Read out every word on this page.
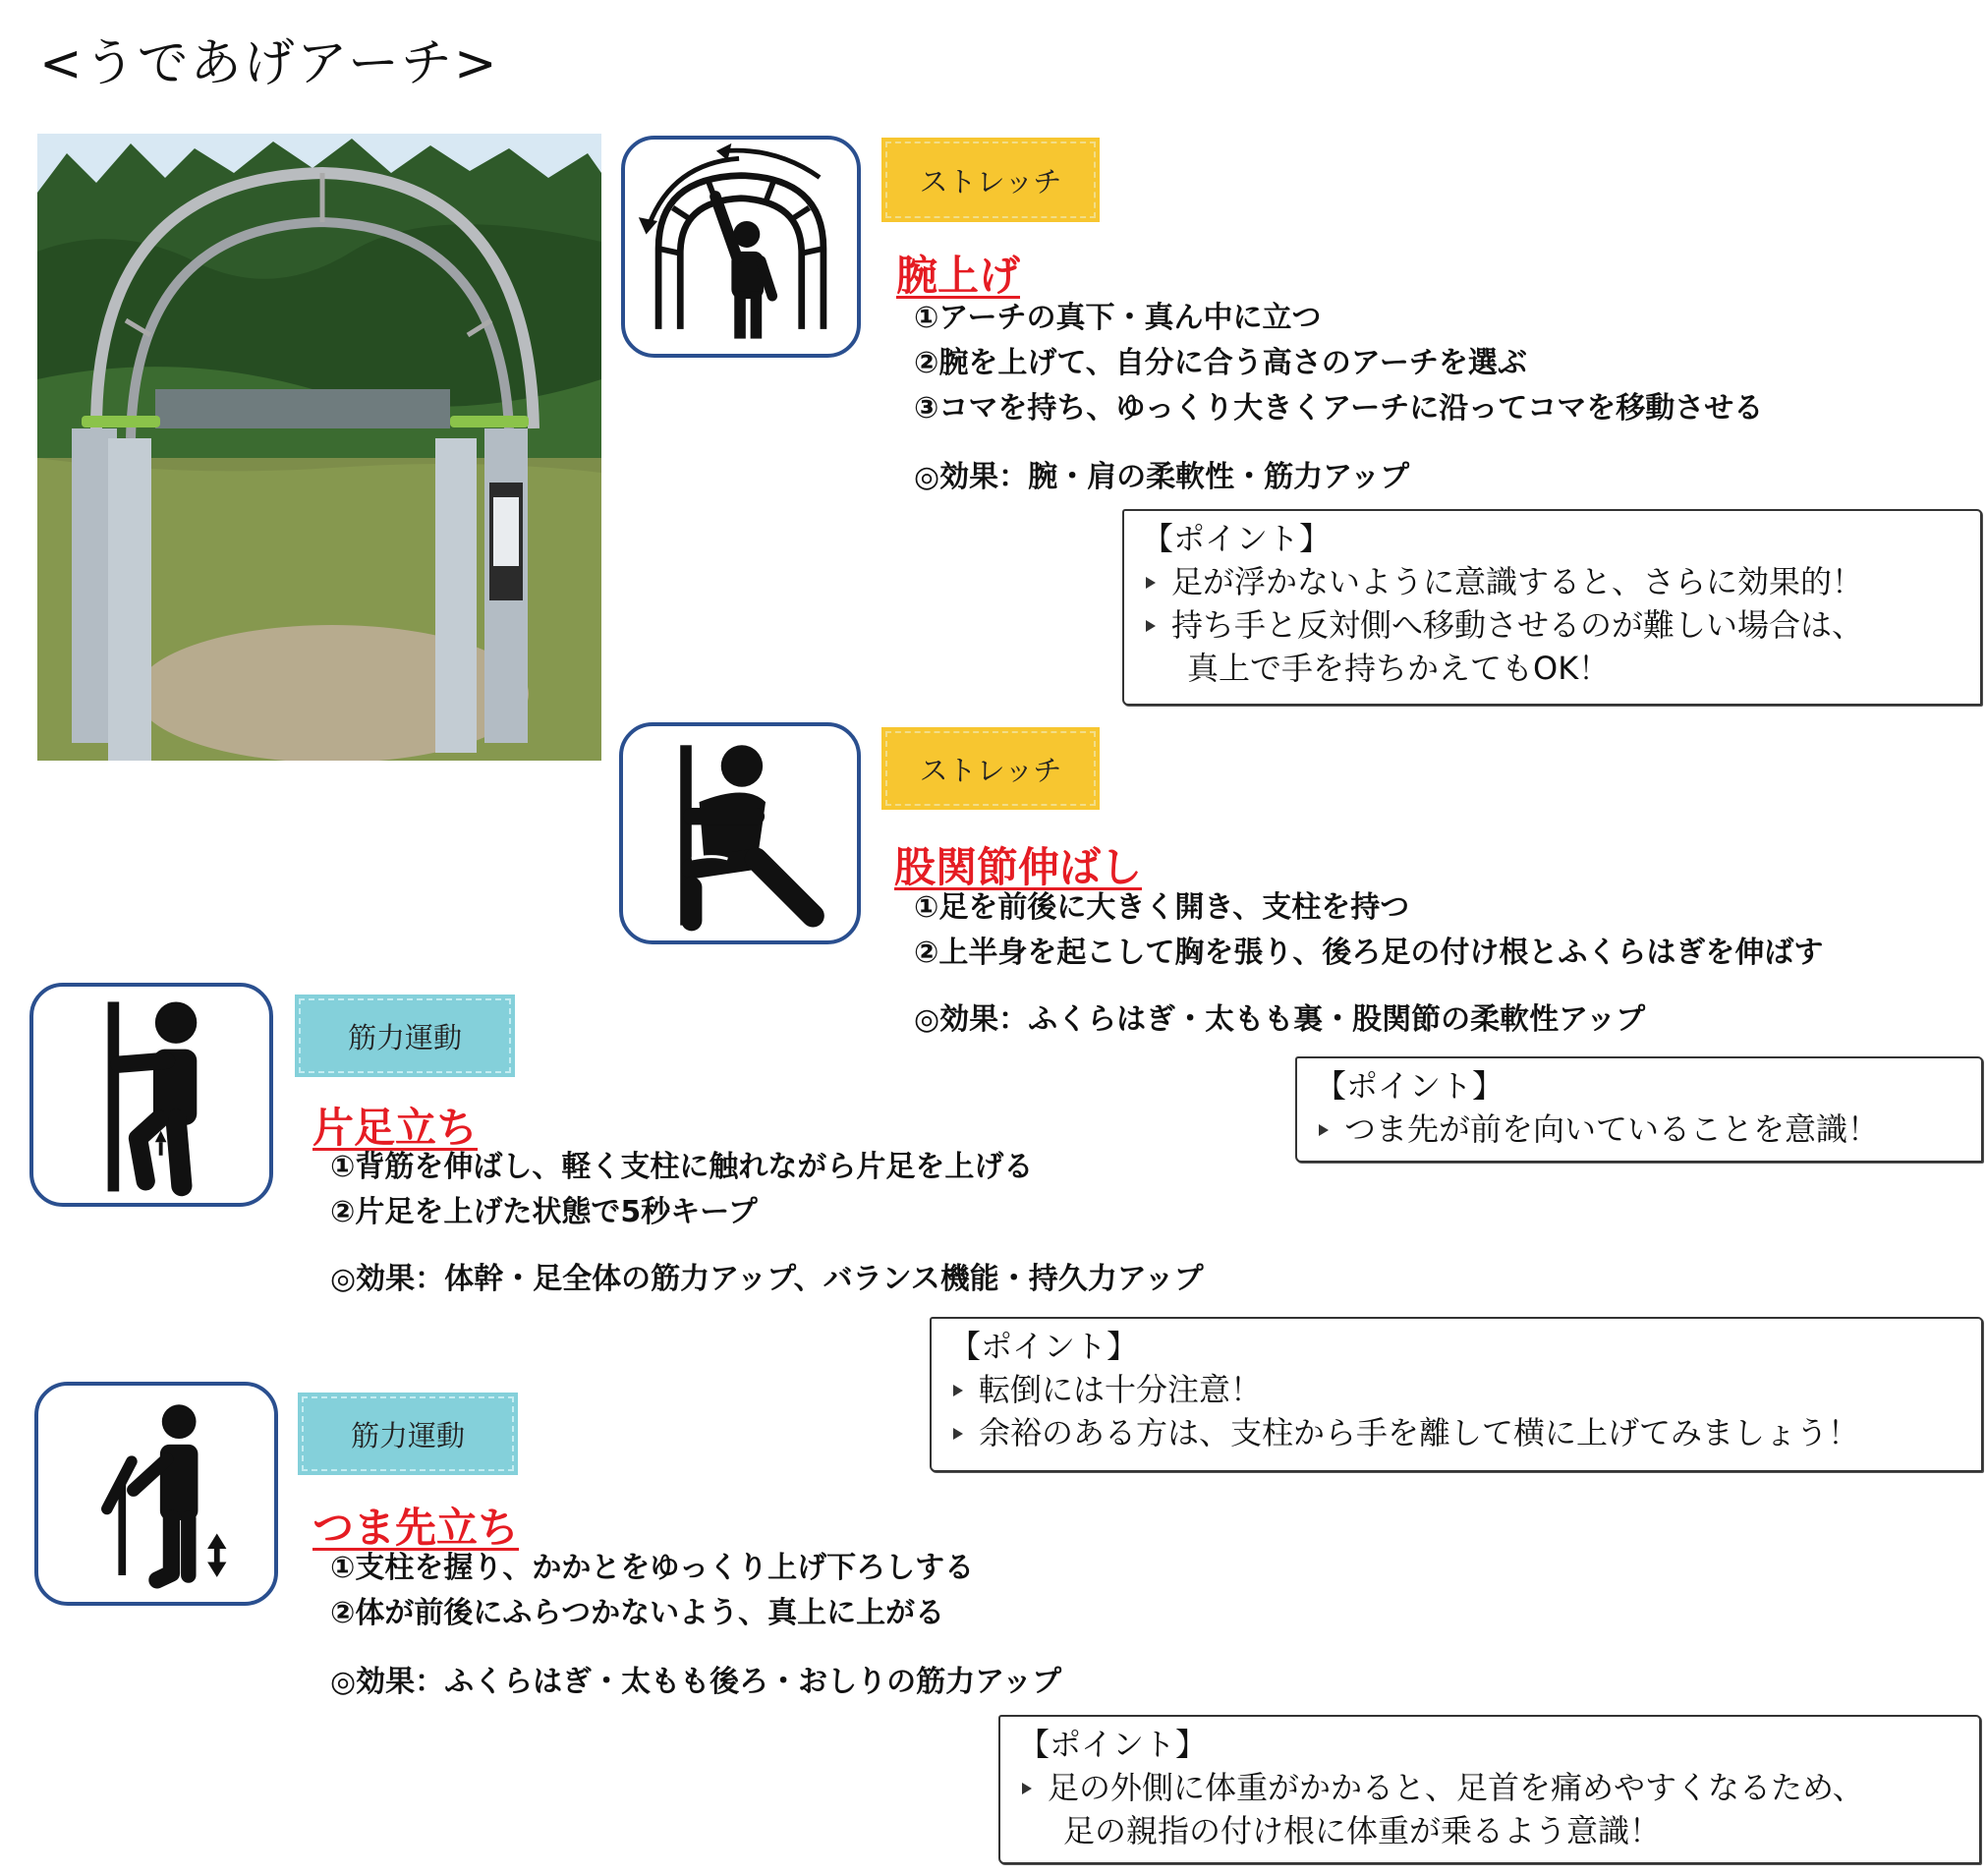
<うであげアーチ>
ストレッチ
腕上げ
①アーチの真下・真ん中に立つ
②腕を上げて、自分に合う高さのアーチを選ぶ
③コマを持ち、ゆっくり大きくアーチに沿ってコマを移動させる
◎効果：腕・肩の柔軟性・筋力アップ
【ポイント】
足が浮かないように意識すると、さらに効果的！
持ち手と反対側へ移動させるのが難しい場合は、
真上で手を持ちかえてもOK！
ストレッチ
股関節伸ばし
①足を前後に大きく開き、支柱を持つ
②上半身を起こして胸を張り、後ろ足の付け根とふくらはぎを伸ばす
◎効果：ふくらはぎ・太もも裏・股関節の柔軟性アップ
【ポイント】
つま先が前を向いていることを意識！
筋力運動
片足立ち
①背筋を伸ばし、軽く支柱に触れながら片足を上げる
②片足を上げた状態で5秒キープ
◎効果：体幹・足全体の筋力アップ、バランス機能・持久力アップ
【ポイント】
転倒には十分注意！
余裕のある方は、支柱から手を離して横に上げてみましょう！
筋力運動
つま先立ち
①支柱を握り、かかとをゆっくり上げ下ろしする
②体が前後にふらつかないよう、真上に上がる
◎効果：ふくらはぎ・太もも後ろ・おしりの筋力アップ
【ポイント】
足の外側に体重がかかると、足首を痛めやすくなるため、
足の親指の付け根に体重が乗るよう意識！
